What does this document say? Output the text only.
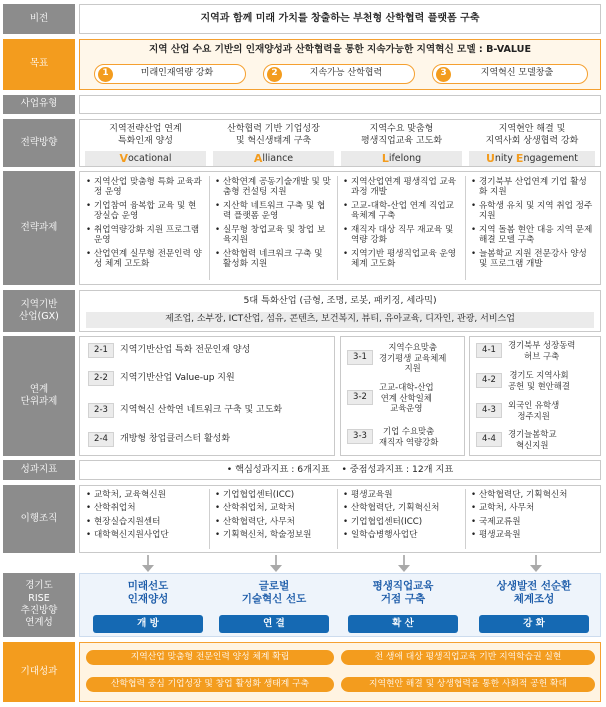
비전	지역과 함께 미래 가치를 창출하는 부천형 산학협력 플랫폼 구축
목표
지역 산업 수요 기반의 인재양성과 산학협력을 통한 지속가능한 지역혁신 모델 : B-VALUE
1	미래인재역량 강화	2	지속가능 산학협력	3	지역혁신 모델창출
사업유형
전략방향
지역전략산업 연계
특화인재 양성
V ocational
산학협력 기반 기업성장
및 혁신생태계 구축
A lliance
지역수요 맞춤형
평생직업교육 고도화
L ifelong
지역현안 해결 및
지역사회 상생협력 강화
U nity E ngagement
전략과제
• 지역산업 맞춤형 특화 교육과정 운영
• 기업참여 융복합 교육 및 현장실습 운영
• 취업역량강화 지원 프로그램 운영
• 산업연계 실무형 전문인력 양성 체계 고도화
• 산학연계 공동기술개발 및 맞춤형 컨설팅 지원
• 지산학 네트워크 구축 및 협력 플랫폼 운영
• 실무형 창업교육 및 창업 보육지원
• 산학협력 네크워크 구축 및 활성화 지원
• 지역산업연계 평생직업 교육과정 개발
• 고교-대학-산업 연계 직업교육체계 구축
• 재직자 대상 직무 재교육 및 역량 강화
• 지역기반 평생직업교육 운영 체계 고도화
• 경기북부 산업연계 기업 활성화 지원
• 유학생 유치 및 지역 취업 정주 지원
• 지역 돌봄 현안 대응 지역 문제 해결 모델 구축
• 늘봄학교 지원 전문강사 양성 및 프로그램 개발
지역기반
산업(GX)
5대 특화산업 (금형, 조명, 로봇, 패키징, 세라믹)
제조업, 소부장, ICT산업, 섬유, 콘텐츠, 보건복지, 뷰티, 유아교육, 디자인, 관광, 서비스업
연계
단위과제
2-1	지역기반산업 특화 전문인재 양성
2-2	지역기반산업 Value-up 지원
2-3	지역혁신 산학연 네트워크 구축 및 고도화
2-4	개방형 창업클러스터 활성화
3-1
지역수요맞춤
경기평생 교육체제
지원
3-2
고교-대학-산업
연계 산학일체
교육운영
3-3
기업 수요맞춤
재직자 역량강화
4-1
경기북부 성장동력
허브 구축
4-2
경기도 지역사회
공헌 및 현안해결
4-3
외국인 유학생
정주지원
4-4
경기늘봄학교
혁신지원
성과지표	• 핵심성과지표 : 6개지표    • 중점성과지표 : 12개 지표
이행조직
• 교학처, 교육혁신원
• 산학취업처
• 현장실습지원센터
• 대학혁신지원사업단
• 기업협업센터(ICC)
• 산학취업처, 교학처
• 산학협력단, 사무처
• 기획혁신처, 학술정보원
• 평생교육원
• 산학협력단, 기획혁신처
• 기업협업센터(ICC)
• 일학습병행사업단
• 산학협력단, 기획혁신처
• 교학처, 사무처
• 국제교류원
• 평생교육원
경기도
RISE
추진방향
연계성
미래선도
인재양성
개 방
글로벌
기술혁신 선도
연 결
평생직업교육
거점 구축
확 산
상생발전 선순환
체계조성
강 화
기대성과
지역산업 맞춤형 전문인력 양성 체계 확립	전 생애 대상 평생직업교육 기반 지역학습권 실현
산학협력 중심 기업성장 및 창업 활성화 생태계 구축	지역현안 해결 및 상생협력을 통한 사회적 공헌 확대
